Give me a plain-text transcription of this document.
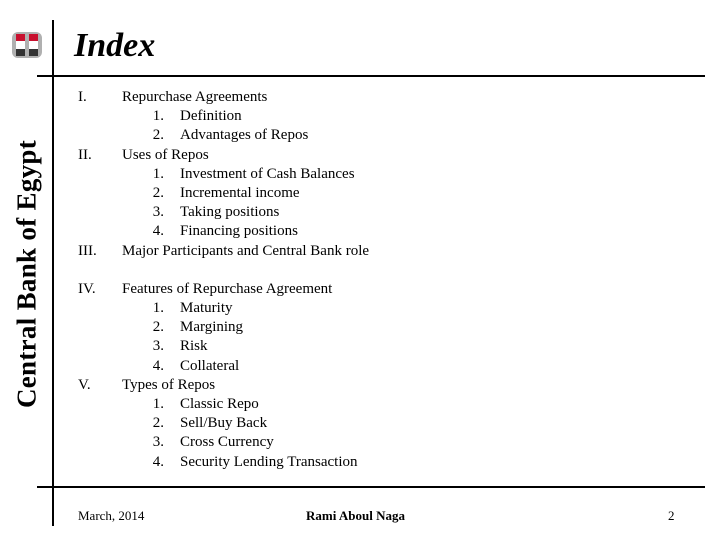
Central Bank of Egypt
Index
I. Repurchase Agreements
1. Definition
2. Advantages of Repos
II. Uses of Repos
1. Investment of Cash Balances
2. Incremental income
3. Taking positions
4. Financing positions
III. Major Participants and Central Bank role
IV. Features of Repurchase Agreement
1. Maturity
2. Margining
3. Risk
4. Collateral
V. Types of Repos
1. Classic Repo
2. Sell/Buy Back
3. Cross Currency
4. Security Lending Transaction
March, 2014	Rami Aboul Naga	2
